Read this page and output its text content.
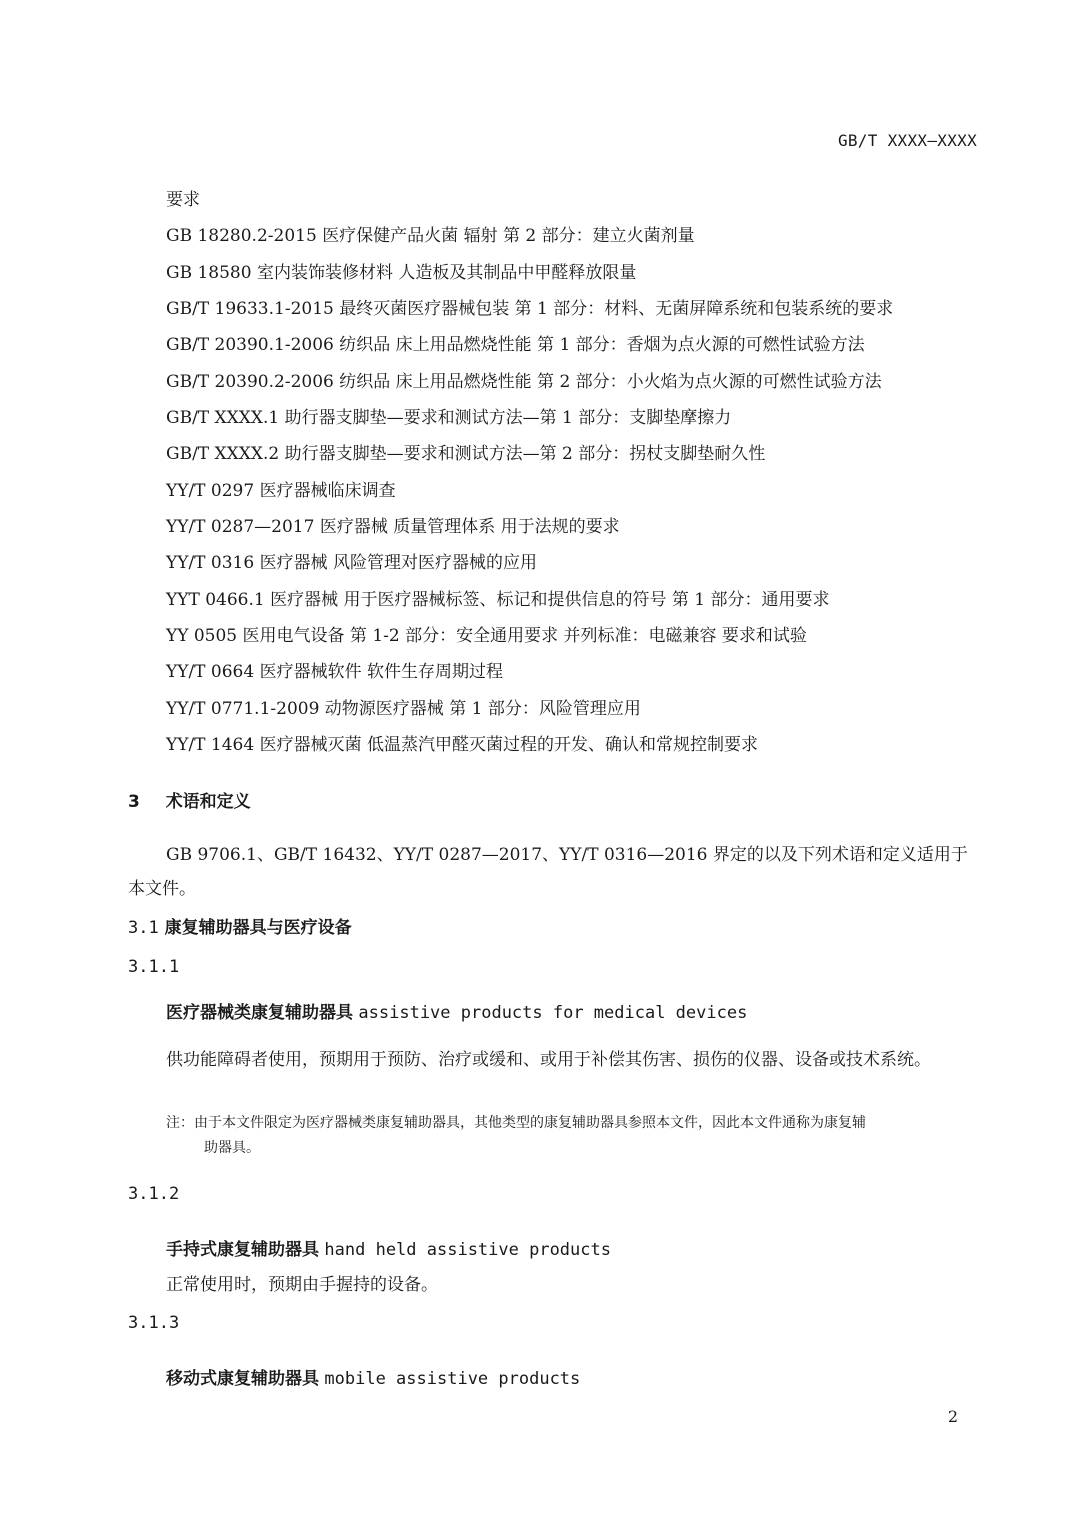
GB/T XXXX—XXXX
要求
GB 18280.2-2015 医疗保健产品火菌 辐射 第 2 部分：建立火菌剂量
GB 18580 室内装饰装修材料 人造板及其制品中甲醛释放限量
GB/T 19633.1-2015 最终灭菌医疗器械包装 第 1 部分：材料、无菌屏障系统和包装系统的要求
GB/T 20390.1-2006 纺织品 床上用品燃烧性能 第 1 部分：香烟为点火源的可燃性试验方法
GB/T 20390.2-2006 纺织品 床上用品燃烧性能 第 2 部分：小火焰为点火源的可燃性试验方法
GB/T XXXX.1 助行器支脚垫—要求和测试方法—第 1 部分：支脚垫摩擦力
GB/T XXXX.2 助行器支脚垫—要求和测试方法—第 2 部分：拐杖支脚垫耐久性
YY/T 0297 医疗器械临床调查
YY/T 0287—2017 医疗器械 质量管理体系 用于法规的要求
YY/T 0316 医疗器械 风险管理对医疗器械的应用
YYT 0466.1 医疗器械 用于医疗器械标签、标记和提供信息的符号 第 1 部分：通用要求
YY 0505 医用电气设备 第 1-2 部分：安全通用要求 并列标准：电磁兼容 要求和试验
YY/T 0664 医疗器械软件 软件生存周期过程
YY/T 0771.1-2009 动物源医疗器械 第 1 部分：风险管理应用
YY/T 1464 医疗器械灭菌 低温蒸汽甲醛灭菌过程的开发、确认和常规控制要求
3 术语和定义
GB 9706.1、GB/T 16432、YY/T 0287—2017、YY/T 0316—2016 界定的以及下列术语和定义适用于本文件。
3.1 康复辅助器具与医疗设备
3.1.1
医疗器械类康复辅助器具 assistive products for medical devices
供功能障碍者使用，预期用于预防、治疗或缓和、或用于补偿其伤害、损伤的仪器、设备或技术系统。
注：由于本文件限定为医疗器械类康复辅助器具，其他类型的康复辅助器具参照本文件，因此本文件通称为康复辅
助器具。
3.1.2
手持式康复辅助器具 hand held assistive products
正常使用时，预期由手握持的设备。
3.1.3
移动式康复辅助器具 mobile assistive products
2
